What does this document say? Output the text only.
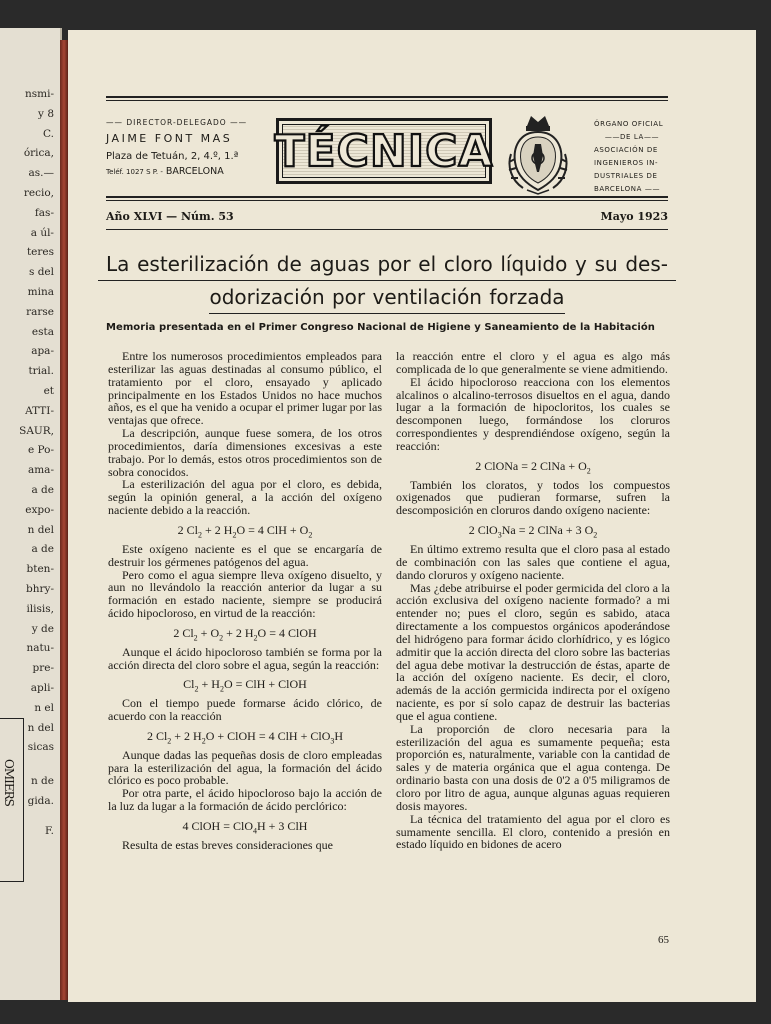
OMIERS
nsmi-
y 8
C.
órica,
as.—
recio,
fas-
a úl-
teres
s del
mina
rarse
esta
apa-
trial.
et
ATTI-
SAUR,
e Po-
ama-
a de
expo-
n del
a de
bten-
bhry-
ilisis,
y de
natu-
pre-
apli-
n el
n del
sicas
n de
gida.
F.
—— DIRECTOR-DELEGADO ——
JAIME FONT MAS
Plaza de Tetuán, 2, 4.º, 1.ª
Teléf. 1027 S P. - BARCELONA	TÉCNICA
ÓRGANO OFICIAL
——DE LA——
ASOCIACIÓN DE
INGENIEROS IN-
DUSTRIALES DE
BARCELONA ——
Año XLVI — Núm. 53	Mayo 1923
La esterilización de aguas por el cloro líquido y su des-
odorización por ventilación forzada
Memoria presentada en el Primer Congreso Nacional de Higiene y Saneamiento de la Habitación

Entre los numerosos procedimientos empleados para esterilizar las aguas destinadas al consumo público, el tratamiento por el cloro, ensayado y aplicado principalmente en los Estados Unidos no hace muchos años, es el que ha venido a ocupar el primer lugar por las ventajas que ofrece.

La descripción, aunque fuese somera, de los otros procedimientos, daría dimensiones excesivas a este trabajo. Por lo demás, estos otros procedimientos son de sobra conocidos.

La esterilización del agua por el cloro, es debida, según la opinión general, a la acción del oxígeno naciente debido a la reacción.

2 $Cl_2 + 2$ $H_2O = 4$ ClH + $O_2$

Este oxígeno naciente es el que se encargaría de destruir los gérmenes patógenos del agua.

Pero como el agua siempre lleva oxígeno disuelto, y aun no llevándolo la reacción anterior da lugar a su formación en estado naciente, siempre se producirá ácido hipocloroso, en virtud de la reacción:

2 $Cl_2 + O_2 + 2$ $H_2O = 4$ ClOH

Aunque el ácido hipocloroso también se forma por la acción directa del cloro sobre el agua, según la reacción:

$Cl_2 + H_2O$ = ClH + ClOH

Con el tiempo puede formarse ácido clórico, de acuerdo con la reacción

2 $Cl_2 + 2$ $H_2O$ + ClOH = 4 ClH + ClO$_3$H

Aunque dadas las pequeñas dosis de cloro empleadas para la esterilización del agua, la formación del ácido clórico es poco probable.

Por otra parte, el ácido hipocloroso bajo la acción de la luz da lugar a la formación de ácido perclórico:

4 ClOH = ClO$_4$H + 3 ClH

Resulta de estas breves consideraciones que

la reacción entre el cloro y el agua es algo más complicada de lo que generalmente se viene admitiendo.

El ácido hipocloroso reacciona con los elementos alcalinos o alcalino-terrosos disueltos en el agua, dando lugar a la formación de hipocloritos, los cuales se descomponen luego, formándose los cloruros correspondientes y desprendiéndose oxígeno, según la reacción:

2 ClONa = 2 ClNa + $O_2$

También los cloratos, y todos los compuestos oxigenados que pudieran formarse, sufren la descomposición en cloruros dando oxígeno naciente:

2 ClO$_3$Na = 2 ClNa + 3 $O_2$

En último extremo resulta que el cloro pasa al estado de combinación con las sales que contiene el agua, dando cloruros y oxígeno naciente.

Mas ¿debe atribuirse el poder germicida del cloro a la acción exclusiva del oxígeno naciente formado? a mi entender no; pues el cloro, según es sabido, ataca directamente a los compuestos orgánicos apoderándose del hidrógeno para formar ácido clorhídrico, y es lógico admitir que la acción directa del cloro sobre las bacterias del agua debe motivar la destrucción de éstas, aparte de la acción del oxígeno naciente. Es decir, el cloro, además de la acción germicida indirecta por el oxígeno naciente, es por sí solo capaz de destruir las bacterias que el agua contiene.

La proporción de cloro necesaria para la esterilización del agua es sumamente pequeña; esta proporción es, naturalmente, variable con la cantidad de sales y de materia orgánica que el agua contenga. De ordinario basta con una dosis de 0'2 a 0'5 miligramos de cloro por litro de agua, aunque algunas aguas requieren dosis mayores.

La técnica del tratamiento del agua por el cloro es sumamente sencilla. El cloro, contenido a presión en estado líquido en bidones de acero

65
